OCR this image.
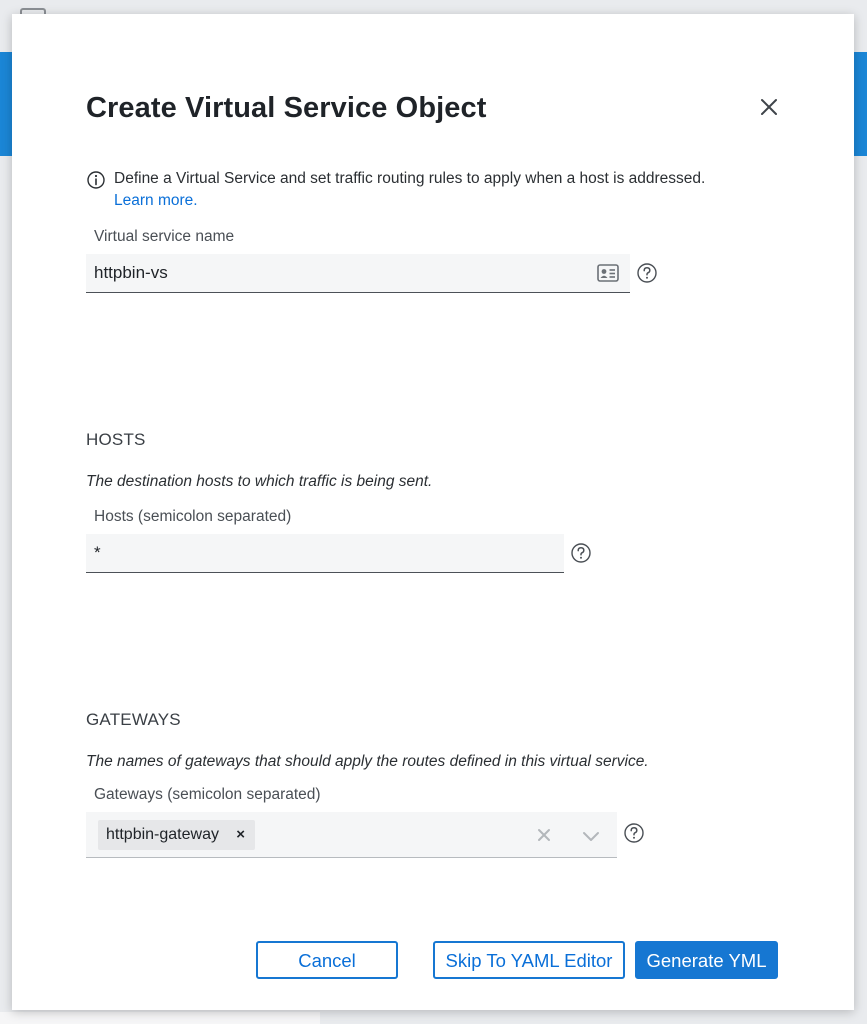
Create Virtual Service Object
Define a Virtual Service and set traffic routing rules to apply when a host is addressed.
Learn more.
Virtual service name
httpbin-vs
HOSTS
The destination hosts to which traffic is being sent.
Hosts (semicolon separated)
*
GATEWAYS
The names of gateways that should apply the routes defined in this virtual service.
Gateways (semicolon separated)
httpbin-gateway ×
Cancel	Skip To YAML Editor	Generate YML
